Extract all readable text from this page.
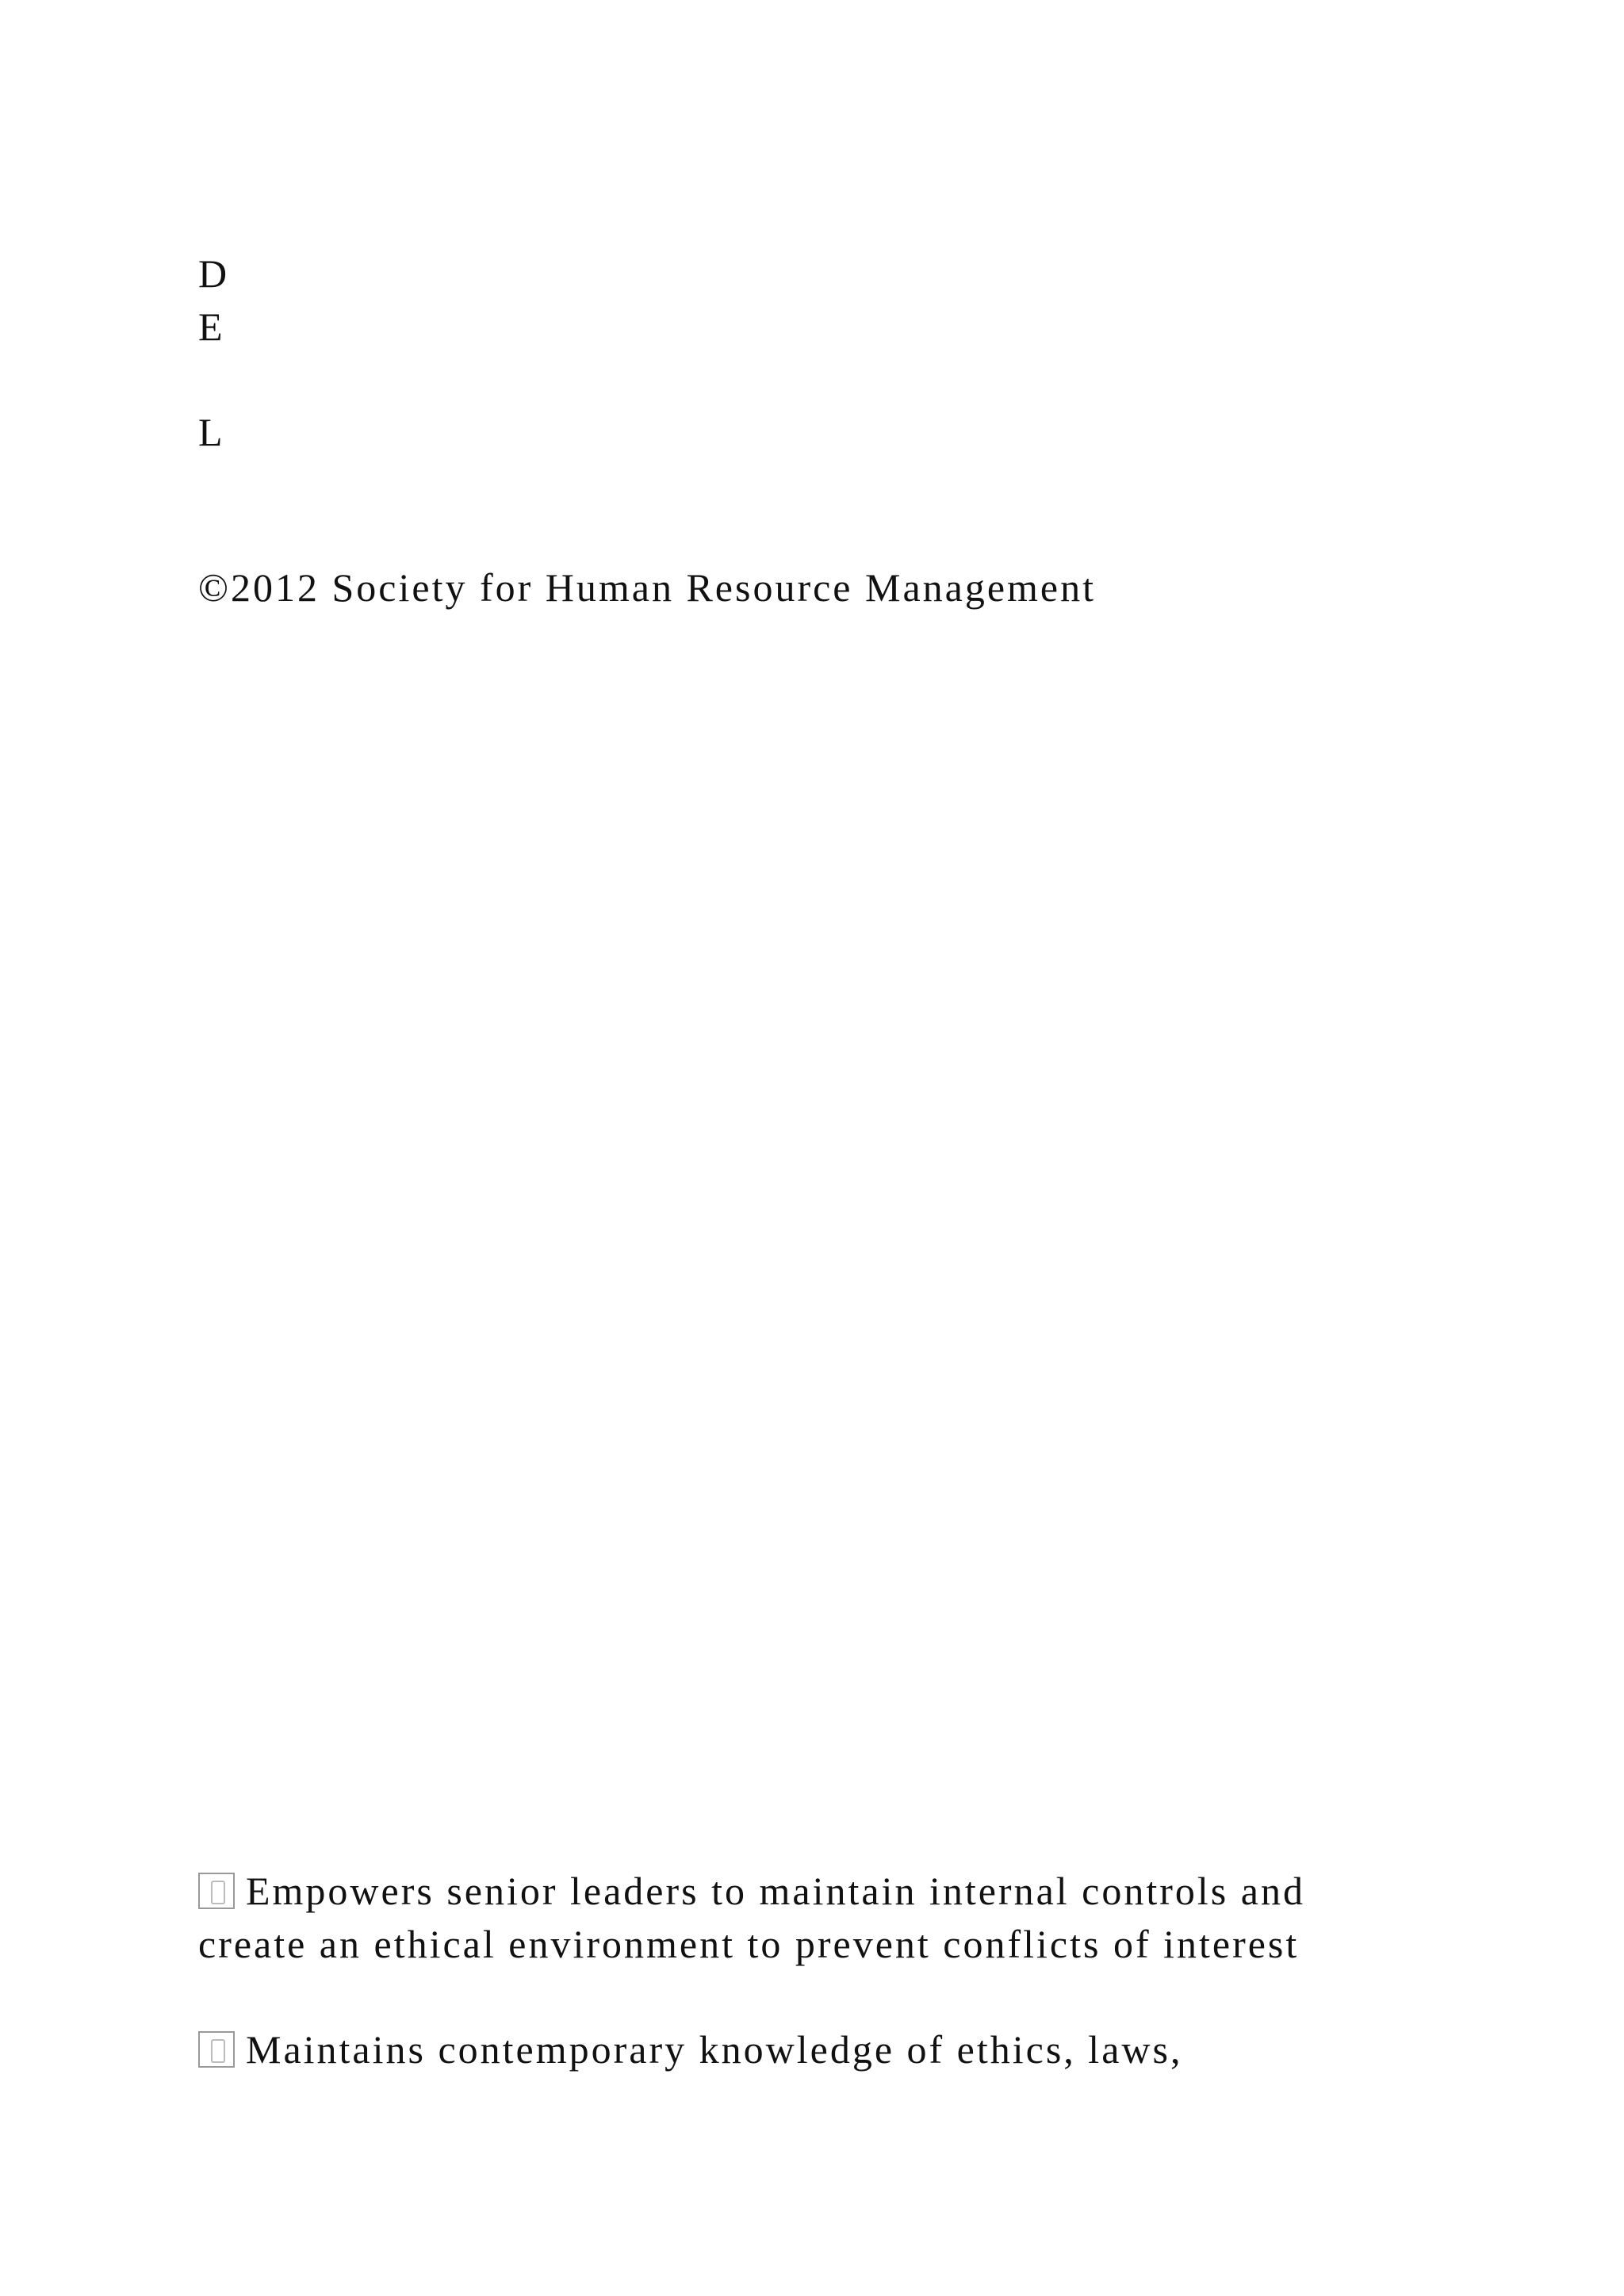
D

E

L

©2012 Society for Human Resource Management

Empowers senior leaders to maintain internal controls and

create an ethical environment to prevent conflicts of interest

Maintains contemporary knowledge of ethics, laws,
